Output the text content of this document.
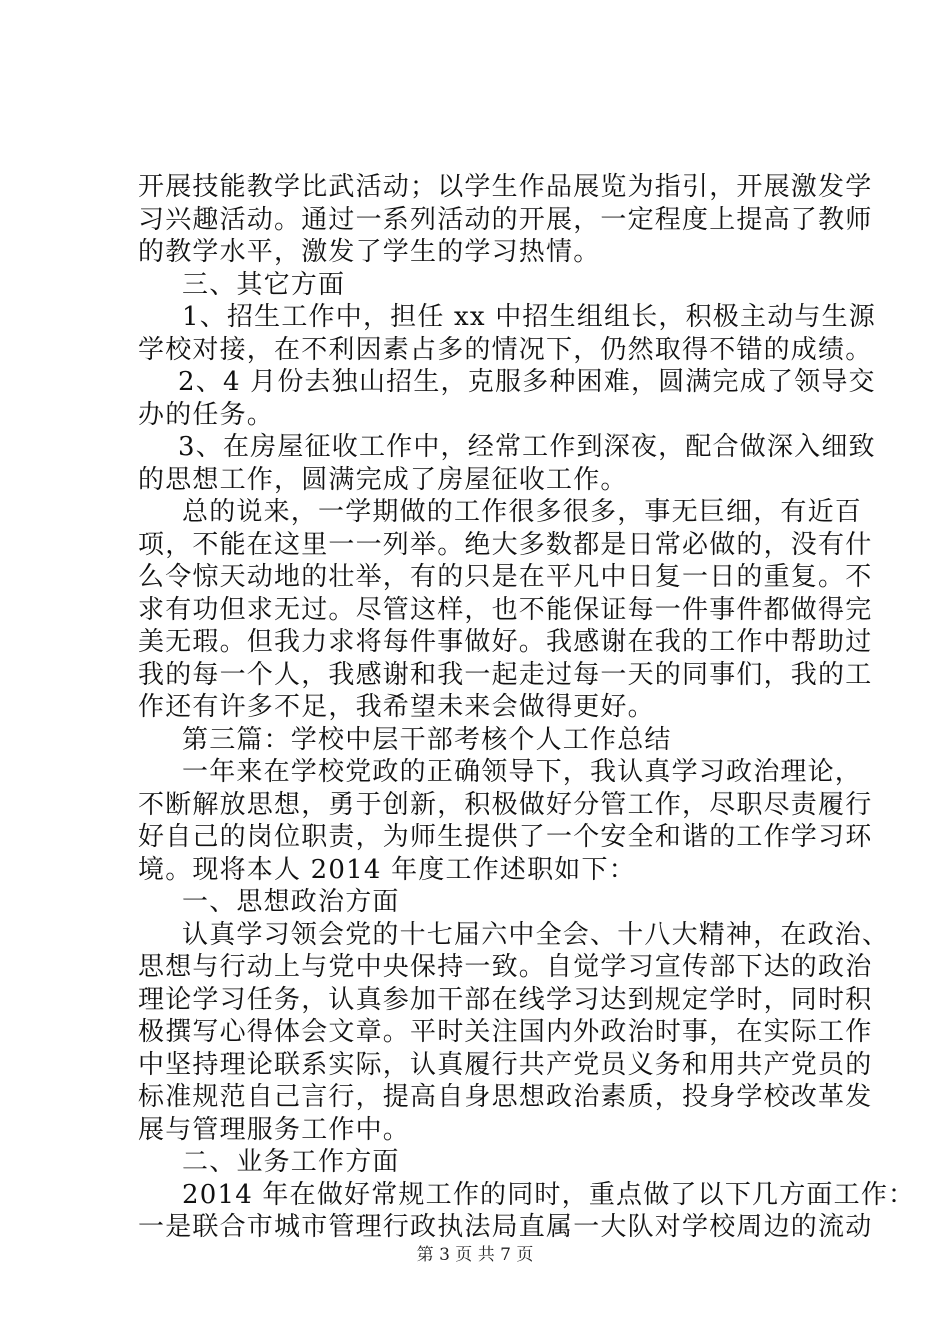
开展技能教学比武活动；以学生作品展览为指引，开展激发学
习兴趣活动。通过一系列活动的开展，一定程度上提高了教师
的教学水平，激发了学生的学习热情。
三、其它方面
1、招生工作中，担任 xx 中招生组组长，积极主动与生源
学校对接，在不利因素占多的情况下，仍然取得不错的成绩。
2、4 月份去独山招生，克服多种困难，圆满完成了领导交
办的任务。
3、在房屋征收工作中，经常工作到深夜，配合做深入细致
的思想工作，圆满完成了房屋征收工作。
总的说来，一学期做的工作很多很多，事无巨细，有近百
项，不能在这里一一列举。绝大多数都是日常必做的，没有什
么令惊天动地的壮举，有的只是在平凡中日复一日的重复。不
求有功但求无过。尽管这样，也不能保证每一件事件都做得完
美无瑕。但我力求将每件事做好。我感谢在我的工作中帮助过
我的每一个人，我感谢和我一起走过每一天的同事们，我的工
作还有许多不足，我希望未来会做得更好。
第三篇：学校中层干部考核个人工作总结
一年来在学校党政的正确领导下，我认真学习政治理论，
不断解放思想，勇于创新，积极做好分管工作，尽职尽责履行
好自己的岗位职责，为师生提供了一个安全和谐的工作学习环
境。现将本人 2014 年度工作述职如下：
一、思想政治方面
认真学习领会党的十七届六中全会、十八大精神，在政治、
思想与行动上与党中央保持一致。自觉学习宣传部下达的政治
理论学习任务，认真参加干部在线学习达到规定学时，同时积
极撰写心得体会文章。平时关注国内外政治时事，在实际工作
中坚持理论联系实际，认真履行共产党员义务和用共产党员的
标准规范自己言行，提高自身思想政治素质，投身学校改革发
展与管理服务工作中。
二、业务工作方面
2014 年在做好常规工作的同时，重点做了以下几方面工作：
一是联合市城市管理行政执法局直属一大队对学校周边的流动
第 3 页 共 7 页
